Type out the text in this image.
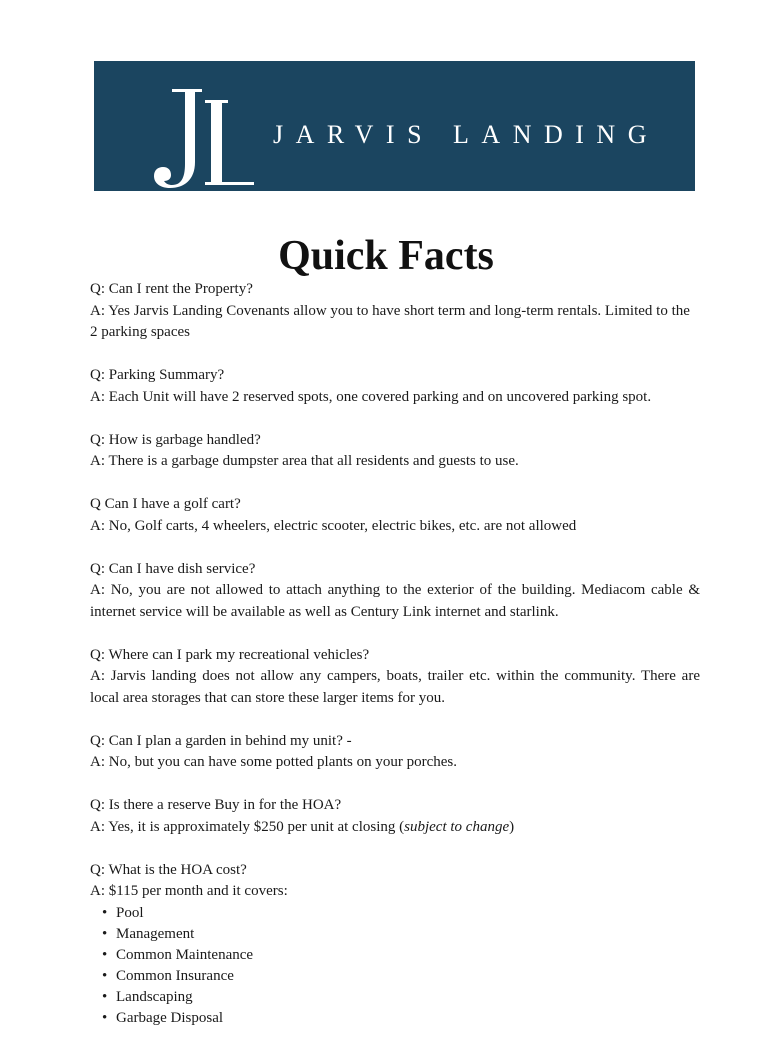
JARVIS LANDING
Quick Facts

Q: Can I rent the Property?

A: Yes Jarvis Landing Covenants allow you to have short term and long-term rentals. Limited to the 2 parking spaces

Q: Parking Summary?

A: Each Unit will have 2 reserved spots, one covered parking and on uncovered parking spot.

Q: How is garbage handled?

A: There is a garbage dumpster area that all residents and guests to use.

Q Can I have a golf cart?

A: No, Golf carts, 4 wheelers, electric scooter, electric bikes, etc. are not allowed

Q: Can I have dish service?

A: No, you are not allowed to attach anything to the exterior of the building. Mediacom cable & internet service will be available as well as Century Link internet and starlink.

Q: Where can I park my recreational vehicles?

A: Jarvis landing does not allow any campers, boats, trailer etc. within the community. There are local area storages that can store these larger items for you.

Q: Can I plan a garden in behind my unit? -

A: No, but you can have some potted plants on your porches.

Q: Is there a reserve Buy in for the HOA?

A: Yes, it is approximately $250 per unit at closing (subject to change)

Q: What is the HOA cost?

A: $115 per month and it covers:

• Pool
• Management
• Common Maintenance
• Common Insurance
• Landscaping
• Garbage Disposal
